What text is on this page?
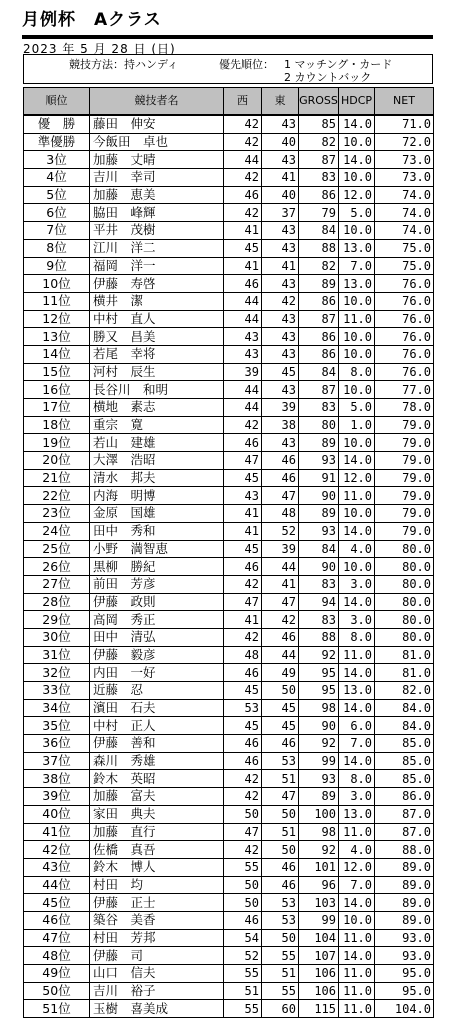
月例杯　Aクラス
2023 年 5 月 28 日 (日)
競技方法：持ハンディ	優先順位： 1 マッチング・カード
2 カウントバック
順位	競技者名	西	東	GROSS	HDCP	NET
優　勝	藤田　伸安	42	43	85	14.0	71.0
準優勝	今飯田　卓也	42	40	82	10.0	72.0
3位	加藤　丈晴	44	43	87	14.0	73.0
4位	吉川　幸司	42	41	83	10.0	73.0
5位	加藤　恵美	46	40	86	12.0	74.0
6位	脇田　峰輝	42	37	79	5.0	74.0
7位	平井　茂樹	41	43	84	10.0	74.0
8位	江川　洋二	45	43	88	13.0	75.0
9位	福岡　洋一	41	41	82	7.0	75.0
10位	伊藤　寿啓	46	43	89	13.0	76.0
11位	横井　潔	44	42	86	10.0	76.0
12位	中村　直人	44	43	87	11.0	76.0
13位	勝又　昌美	43	43	86	10.0	76.0
14位	若尾　幸将	43	43	86	10.0	76.0
15位	河村　辰生	39	45	84	8.0	76.0
16位	長谷川　和明	44	43	87	10.0	77.0
17位	横地　素志	44	39	83	5.0	78.0
18位	重宗　寛	42	38	80	1.0	79.0
19位	若山　建雄	46	43	89	10.0	79.0
20位	大澤　浩昭	47	46	93	14.0	79.0
21位	清水　邦夫	45	46	91	12.0	79.0
22位	内海　明博	43	47	90	11.0	79.0
23位	金原　国雄	41	48	89	10.0	79.0
24位	田中　秀和	41	52	93	14.0	79.0
25位	小野　満智恵	45	39	84	4.0	80.0
26位	黒柳　勝紀	46	44	90	10.0	80.0
27位	前田　芳彦	42	41	83	3.0	80.0
28位	伊藤　政則	47	47	94	14.0	80.0
29位	高岡　秀正	41	42	83	3.0	80.0
30位	田中　清弘	42	46	88	8.0	80.0
31位	伊藤　毅彦	48	44	92	11.0	81.0
32位	内田　一好	46	49	95	14.0	81.0
33位	近藤　忍	45	50	95	13.0	82.0
34位	濱田　石夫	53	45	98	14.0	84.0
35位	中村　正人	45	45	90	6.0	84.0
36位	伊藤　善和	46	46	92	7.0	85.0
37位	森川　秀雄	46	53	99	14.0	85.0
38位	鈴木　英昭	42	51	93	8.0	85.0
39位	加藤　富夫	42	47	89	3.0	86.0
40位	家田　典夫	50	50	100	13.0	87.0
41位	加藤　直行	47	51	98	11.0	87.0
42位	佐橋　真吾	42	50	92	4.0	88.0
43位	鈴木　博人	55	46	101	12.0	89.0
44位	村田　均	50	46	96	7.0	89.0
45位	伊藤　正士	50	53	103	14.0	89.0
46位	築谷　美香	46	53	99	10.0	89.0
47位	村田　芳邦	54	50	104	11.0	93.0
48位	伊藤　司	52	55	107	14.0	93.0
49位	山口　信夫	55	51	106	11.0	95.0
50位	吉川　裕子	51	55	106	11.0	95.0
51位	玉樹　喜美成	55	60	115	11.0	104.0
